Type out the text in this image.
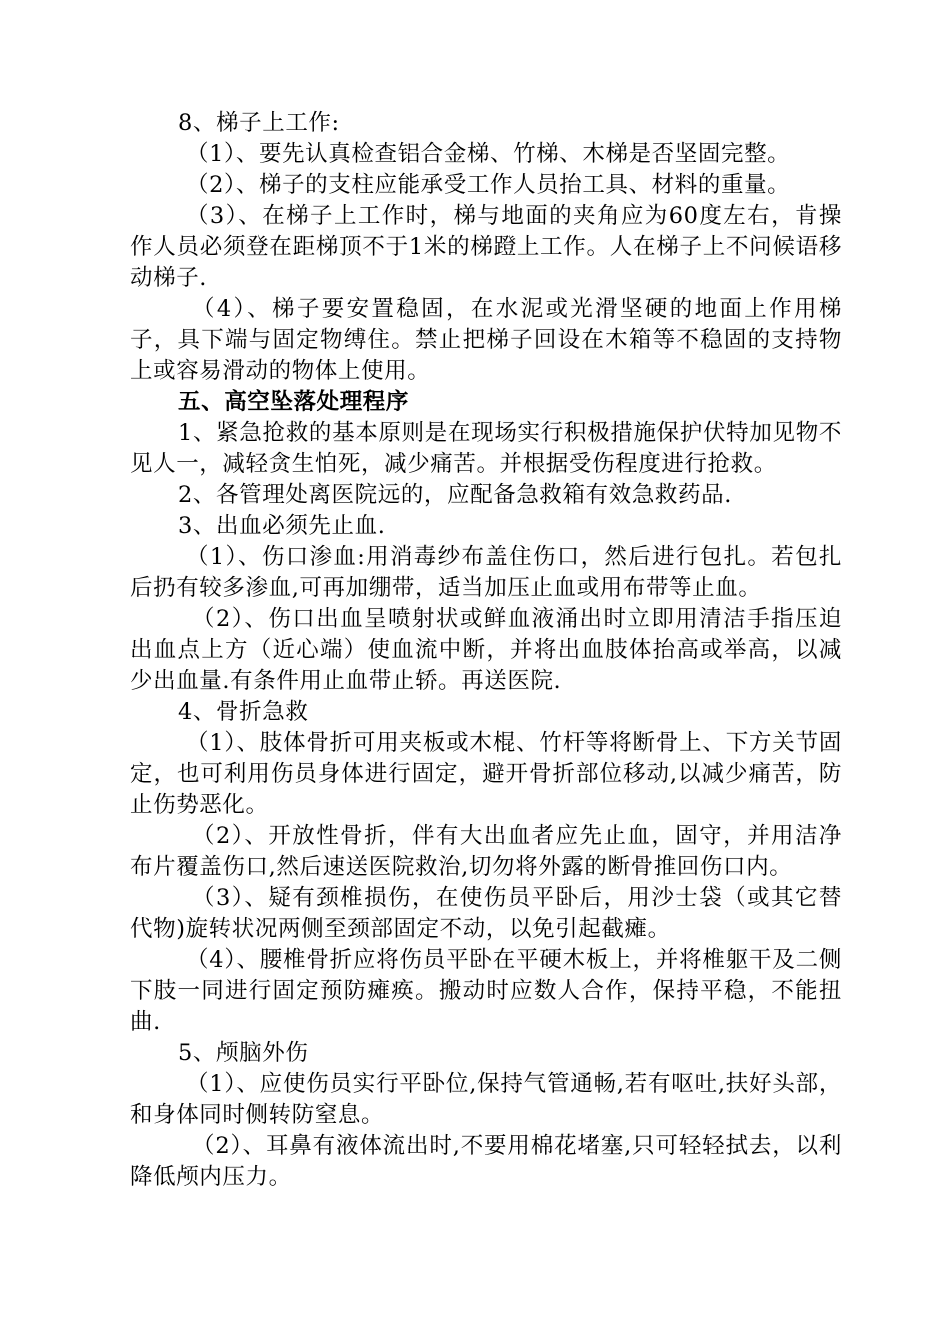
8、梯子上工作:

（1）、要先认真检查铝合金梯、竹梯、木梯是否坚固完整。

（2）、梯子的支柱应能承受工作人员抬工具、材料的重量。

（3）、在梯子上工作时，梯与地面的夹角应为60度左右，肯操作人员必须登在距梯顶不于1米的梯蹬上工作。人在梯子上不问候语移动梯子.

（4）、梯子要安置稳固，在水泥或光滑坚硬的地面上作用梯子，具下端与固定物缚住。禁止把梯子回设在木箱等不稳固的支持物上或容易滑动的物体上使用。

五、高空坠落处理程序

1、紧急抢救的基本原则是在现场实行积极措施保护伏特加见物不见人一，减轻贪生怕死，减少痛苦。并根据受伤程度进行抢救。

2、各管理处离医院远的，应配备急救箱有效急救药品.

3、出血必须先止血.

（1）、伤口渗血:用消毒纱布盖住伤口，然后进行包扎。若包扎后扔有较多渗血,可再加绷带，适当加压止血或用布带等止血。

（2）、伤口出血呈喷射状或鲜血液涌出时立即用清洁手指压迫出血点上方（近心端）使血流中断，并将出血肢体抬高或举高，以减少出血量.有条件用止血带止轿。再送医院.

4、骨折急救

（1）、肢体骨折可用夹板或木棍、竹杆等将断骨上、下方关节固定，也可利用伤员身体进行固定，避开骨折部位移动,以减少痛苦，防止伤势恶化。

（2）、开放性骨折，伴有大出血者应先止血，固守，并用洁净布片覆盖伤口,然后速送医院救治,切勿将外露的断骨推回伤口内。

（3）、疑有颈椎损伤，在使伤员平卧后，用沙士袋（或其它替代物)旋转状况两侧至颈部固定不动，以免引起截瘫。

（4）、腰椎骨折应将伤员平卧在平硬木板上，并将椎躯干及二侧下肢一同进行固定预防瘫痪。搬动时应数人合作，保持平稳，不能扭曲.

5、颅脑外伤

（1）、应使伤员实行平卧位,保持气管通畅,若有呕吐,扶好头部，和身体同时侧转防窒息。

（2）、耳鼻有液体流出时,不要用棉花堵塞,只可轻轻拭去，以利降低颅内压力。
